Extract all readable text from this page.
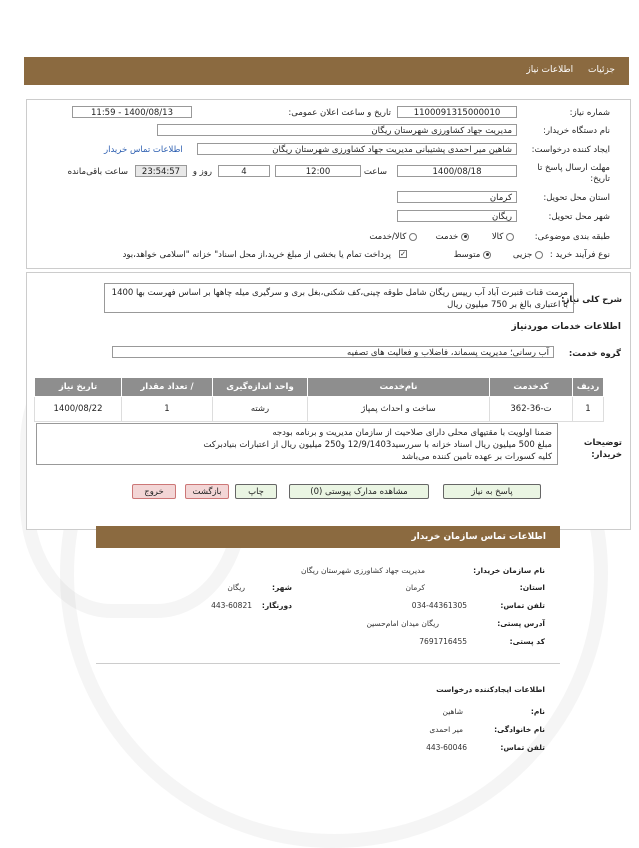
جزئیات اطلاعات نیاز
شماره نیاز:
1100091315000010
تاریخ و ساعت اعلان عمومی:
1400/08/13 - 11:59
نام دستگاه خریدار:
مدیریت جهاد کشاورزی شهرستان ریگان
ایجاد کننده درخواست:
شاهین میر احمدی پشتیبانی مدیریت جهاد کشاورزی شهرستان ریگان
اطلاعات تماس خریدار
مهلت ارسال پاسخ تا تاریخ:
1400/08/18
ساعت
12:00
4
روز و
23:54:57
ساعت باقی‌مانده
استان محل تحویل:
کرمان
شهر محل تحویل:
ریگان
طبقه بندی موضوعی:
کالا
خدمت
کالا/خدمت
نوع فرآیند خرید :
جزیی
متوسط
✓
پرداخت تمام یا بخشی از مبلغ خرید،از محل اسناد" خزانه "اسلامی خواهد،بود
شرح کلی نیاز:
مرمت قنات قنبرت آباد آب رییس ریگان شامل طوقه چینی،کف شکنی،بغل بری و سرگیری میله چاهها بر اساس فهرست بها 1400 با اعتباری بالغ بر 750 میلیون ریال
اطلاعات خدمات مورد‌نیاز
گروه خدمت:
آب رسانی؛ مدیریت پسماند، فاضلاب و فعالیت های تصفیه
ردیف	کد‌خدمت	نام‌خدمت	واحد اندازه‌گیری	/ تعداد مقدار	تاریخ نیاز
1	ت-36-362	ساخت و احداث پمپاژ	رشته	1	1400/08/22
توضیحات خریدار:
ضمنا اولویت با مقتیهای محلی دارای صلاحیت از سازمان مدیریت و برنامه بودجه
مبلغ 500 میلیون ریال اسناد خزانه با سررسید12/9/1403 و250 میلیون ریال از اعتبارات بنیادبرکت
کلیه کسورات بر عهده تامین کننده می‌باشد
پاسخ به نیاز
مشاهده مدارک پیوستی (0)
چاپ
بازگشت
خروج
اطلاعات تماس سازمان خریدار
نام سازمان خریدار:
مدیریت جهاد کشاورزی شهرستان ریگان
استان:
کرمان
شهر:
ریگان
تلفن تماس:
034-44361305
دورنگار:
443-60821
آدرس پستی:
ریگان میدان امام‌حسین
کد پستی:
7691716455
اطلاعات ایجاد‌کننده درخواست
نام:
شاهین
نام خانوادگی:
میر احمدی
تلفن تماس:
443-60046
